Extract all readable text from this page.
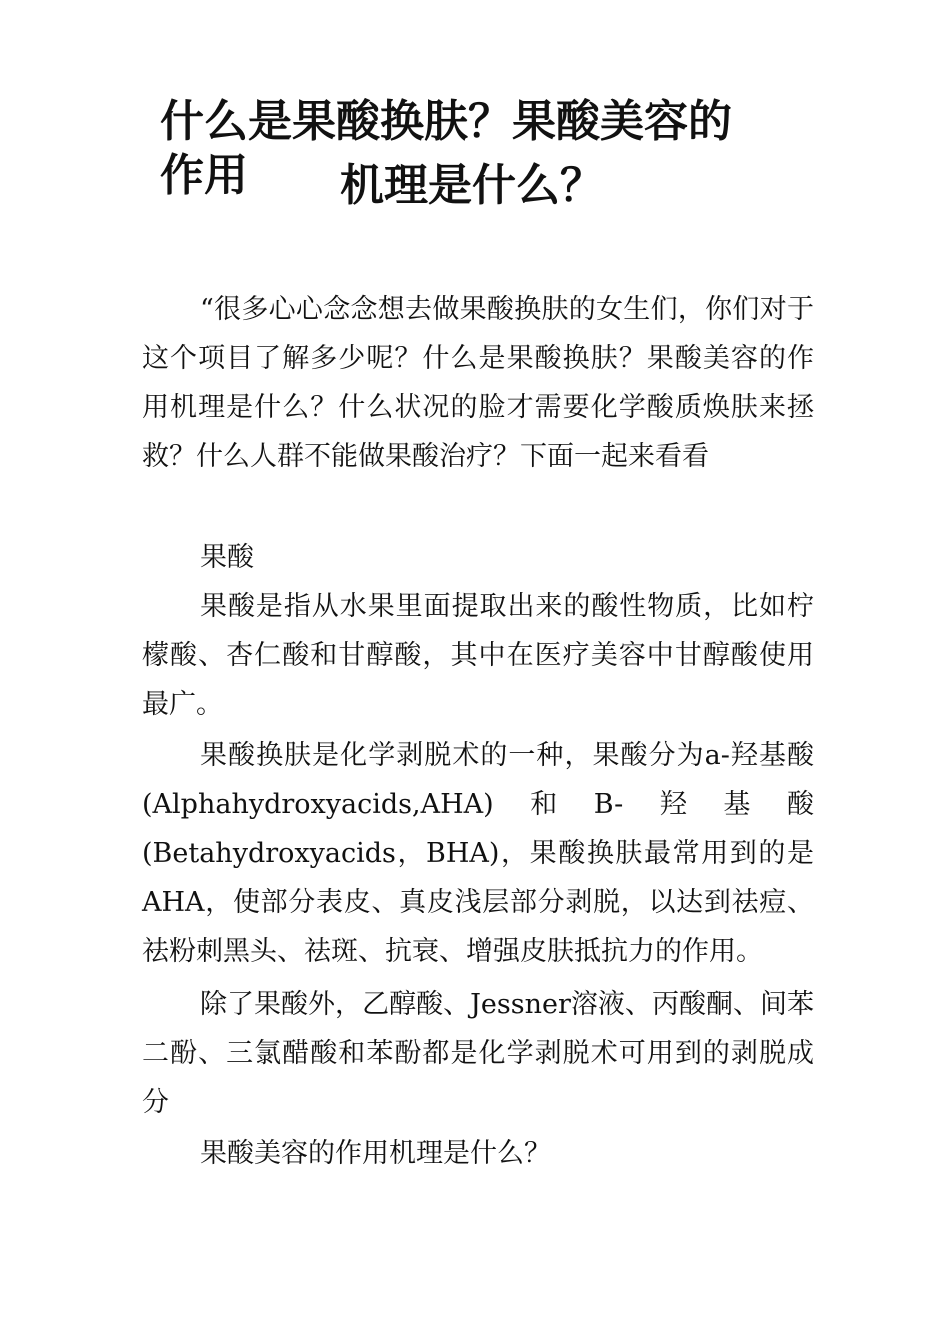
什么是果酸换肤？果酸美容的
作用 机理是什么？

“很多心心念念想去做果酸换肤的女生们，你们对于这个项目了解多少呢？什么是果酸换肤？果酸美容的作用机理是什么？什么状况的脸才需要化学酸质焕肤来拯救？什么人群不能做果酸治疗？下面一起来看看

果酸

果酸是指从水果里面提取出来的酸性物质，比如柠檬酸、杏仁酸和甘醇酸，其中在医疗美容中甘醇酸使用最广。

果酸换肤是化学剥脱术的一种，果酸分为a-羟基酸(Alphahydroxyacids,AHA)和B-羟基酸(Betahydroxyacids，BHA)，果酸换肤最常用到的是AHA，使部分表皮、真皮浅层部分剥脱，以达到祛痘、祛粉刺黑头、祛斑、抗衰、增强皮肤抵抗力的作用。

除了果酸外，乙醇酸、Jessner溶液、丙酸酮、间苯二酚、三氯醋酸和苯酚都是化学剥脱术可用到的剥脱成分

果酸美容的作用机理是什么？
